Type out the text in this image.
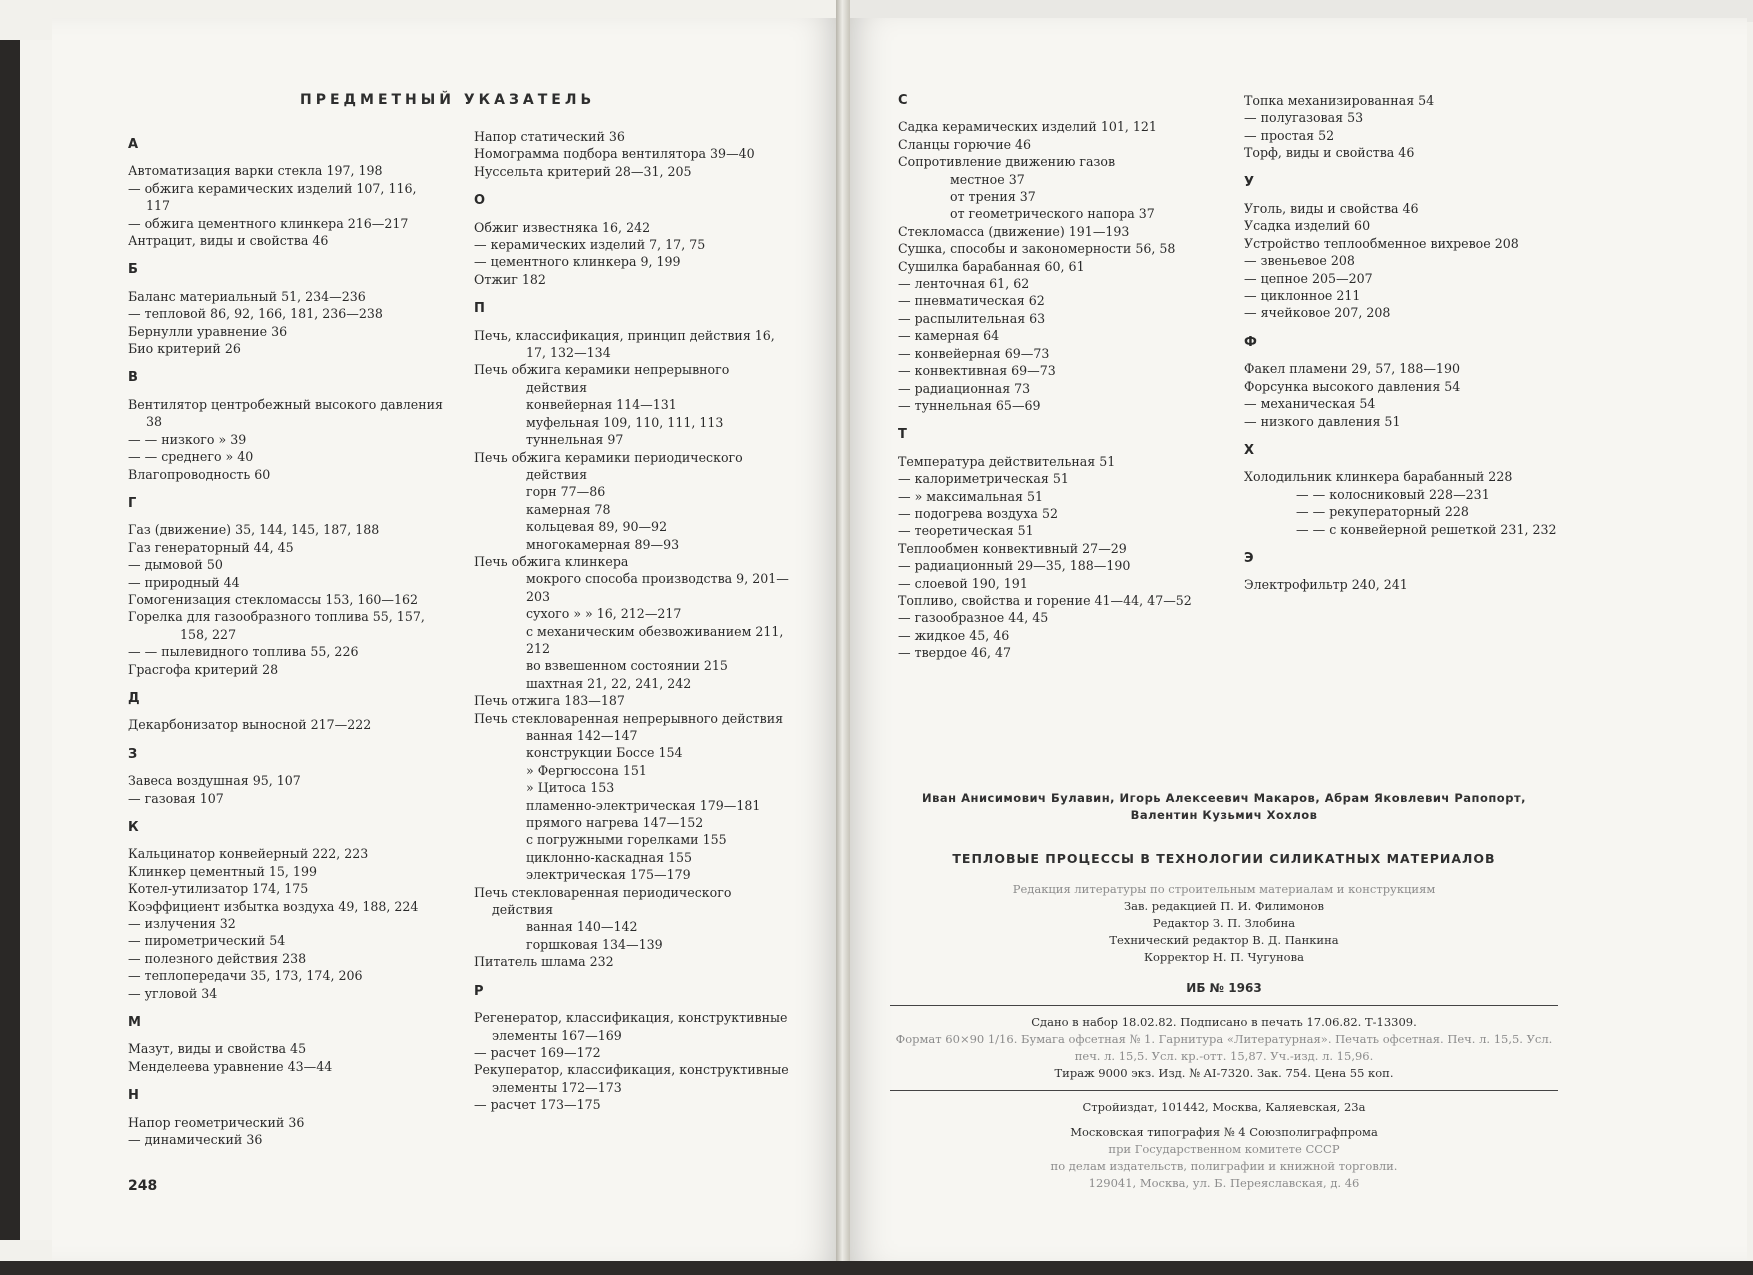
ПРЕДМЕТНЫЙ УКАЗАТЕЛЬ
А
Автоматизация варки стекла 197, 198
— обжига керамических изделий 107, 116, 117
— обжига цементного клинкера 216—217
Антрацит, виды и свойства 46
Б
Баланс материальный 51, 234—236
— тепловой 86, 92, 166, 181, 236—238
Бернулли уравнение 36
Био критерий 26
В
Вентилятор центробежный высокого давления 38
— — низкого » 39
— — среднего » 40
Влагопроводность 60
Г
Газ (движение) 35, 144, 145, 187, 188
Газ генераторный 44, 45
— дымовой 50
— природный 44
Гомогенизация стекломассы 153, 160—162
Горелка для газообразного топлива 55, 157, 158, 227
— — пылевидного топлива 55, 226
Грасгофа критерий 28
Д
Декарбонизатор выносной 217—222
З
Завеса воздушная 95, 107
— газовая 107
К
Кальцинатор конвейерный 222, 223
Клинкер цементный 15, 199
Котел-утилизатор 174, 175
Коэффициент избытка воздуха 49, 188, 224
— излучения 32
— пирометрический 54
— полезного действия 238
— теплопередачи 35, 173, 174, 206
— угловой 34
М
Мазут, виды и свойства 45
Менделеева уравнение 43—44
Н
Напор геометрический 36
— динамический 36
Напор статический 36
Номограмма подбора вентилятора 39—40
Нуссельта критерий 28—31, 205
О
Обжиг известняка 16, 242
— керамических изделий 7, 17, 75
— цементного клинкера 9, 199
Отжиг 182
П
Печь, классификация, принцип действия 16, 17, 132—134
Печь обжига керамики непрерывного действия
конвейерная 114—131
муфельная 109, 110, 111, 113
туннельная 97
Печь обжига керамики периодического действия
горн 77—86
камерная 78
кольцевая 89, 90—92
многокамерная 89—93
Печь обжига клинкера
мокрого способа производства 9, 201—203
сухого » » 16, 212—217
с механическим обезвоживанием 211, 212
во взвешенном состоянии 215
шахтная 21, 22, 241, 242
Печь отжига 183—187
Печь стекловаренная непрерывного действия
ванная 142—147
конструкции Боссе 154
» Фергюссона 151
» Цитоса 153
пламенно-электрическая 179—181
прямого нагрева 147—152
с погружными горелками 155
циклонно-каскадная 155
электрическая 175—179
Печь стекловаренная периодического действия
ванная 140—142
горшковая 134—139
Питатель шлама 232
Р
Регенератор, классификация, конструктивные элементы 167—169
— расчет 169—172
Рекуператор, классификация, конструктивные элементы 172—173
— расчет 173—175
С
Садка керамических изделий 101, 121
Сланцы горючие 46
Сопротивление движению газов
местное 37
от трения 37
от геометрического напора 37
Стекломасса (движение) 191—193
Сушка, способы и закономерности 56, 58
Сушилка барабанная 60, 61
— ленточная 61, 62
— пневматическая 62
— распылительная 63
— камерная 64
— конвейерная 69—73
— конвективная 69—73
— радиационная 73
— туннельная 65—69
Т
Температура действительная 51
— калориметрическая 51
— » максимальная 51
— подогрева воздуха 52
— теоретическая 51
Теплообмен конвективный 27—29
— радиационный 29—35, 188—190
— слоевой 190, 191
Топливо, свойства и горение 41—44, 47—52
— газообразное 44, 45
— жидкое 45, 46
— твердое 46, 47
Топка механизированная 54
— полугазовая 53
— простая 52
Торф, виды и свойства 46
У
Уголь, виды и свойства 46
Усадка изделий 60
Устройство теплообменное вихревое 208
— звеньевое 208
— цепное 205—207
— циклонное 211
— ячейковое 207, 208
Ф
Факел пламени 29, 57, 188—190
Форсунка высокого давления 54
— механическая 54
— низкого давления 51
Х
Холодильник клинкера барабанный 228
— — колосниковый 228—231
— — рекуператорный 228
— — с конвейерной решеткой 231, 232
Э
Электрофильтр 240, 241
248
Иван Анисимович Булавин, Игорь Алексеевич Макаров, Абрам Яковлевич Рапопорт, Валентин Кузьмич Хохлов
ТЕПЛОВЫЕ ПРОЦЕССЫ В ТЕХНОЛОГИИ СИЛИКАТНЫХ МАТЕРИАЛОВ
Редакция литературы по строительным материалам и конструкциям
Зав. редакцией П. И. Филимонов
Редактор З. П. Злобина
Технический редактор В. Д. Панкина
Корректор Н. П. Чугунова
ИБ № 1963
Сдано в набор 18.02.82. Подписано в печать 17.06.82. Т-13309.
Формат 60×90 1/16. Бумага офсетная № 1. Гарнитура «Литературная». Печать офсетная. Печ. л. 15,5. Усл. печ. л. 15,5. Усл. кр.-отт. 15,87. Уч.-изд. л. 15,96.
Тираж 9000 экз. Изд. № AI-7320. Зак. 754. Цена 55 коп.
Стройиздат, 101442, Москва, Каляевская, 23а
Московская типография № 4 Союзполиграфпрома
при Государственном комитете СССР
по делам издательств, полиграфии и книжной торговли.
129041, Москва, ул. Б. Переяславская, д. 46
